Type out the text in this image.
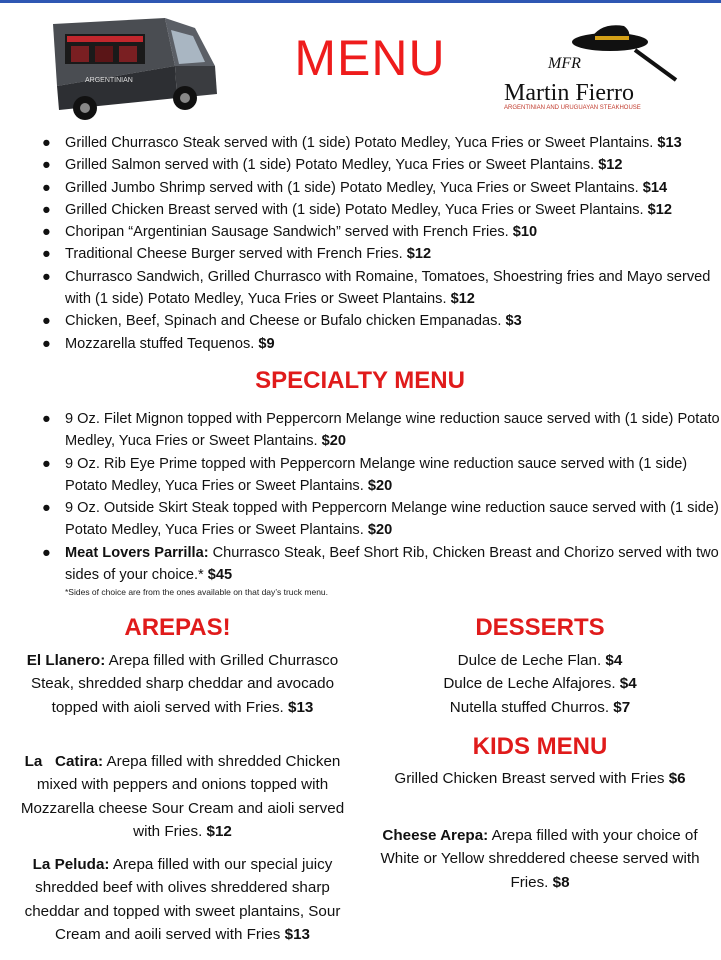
ARGENTINIAN	MENU	MFR
Martin Fierro
ARGENTINIAN AND URUGUAYAN STEAKHOUSE
● Grilled Churrasco Steak served with (1 side) Potato Medley, Yuca Fries or Sweet Plantains. $13
● Grilled Salmon served with (1 side) Potato Medley, Yuca Fries or Sweet Plantains. $12
● Grilled Jumbo Shrimp served with (1 side) Potato Medley, Yuca Fries or Sweet Plantains. $14
● Grilled Chicken Breast served with (1 side) Potato Medley, Yuca Fries or Sweet Plantains. $12
● Choripan “Argentinian Sausage Sandwich” served with French Fries. $10
● Traditional Cheese Burger served with French Fries. $12
● Churrasco Sandwich, Grilled Churrasco with Romaine, Tomatoes, Shoestring fries and Mayo served with (1 side) Potato Medley, Yuca Fries or Sweet Plantains. $12
● Chicken, Beef, Spinach and Cheese or Bufalo chicken Empanadas. $3
● Mozzarella stuffed Tequenos. $9
SPECIALTY MENU
● 9 Oz. Filet Mignon topped with Peppercorn Melange wine reduction sauce served with (1 side) Potato Medley, Yuca Fries or Sweet Plantains. $20
● 9 Oz. Rib Eye Prime topped with Peppercorn Melange wine reduction sauce served with (1 side) Potato Medley, Yuca Fries or Sweet Plantains. $20
● 9 Oz. Outside Skirt Steak topped with Peppercorn Melange wine reduction sauce served with (1 side) Potato Medley, Yuca Fries or Sweet Plantains. $20
● Meat Lovers Parrilla: Churrasco Steak, Beef Short Rib, Chicken Breast and Chorizo served with two sides of your choice.* $45
*Sides of choice are from the ones available on that day’s truck menu.
AREPAS!

El Llanero: Arepa filled with Grilled Churrasco Steak, shredded sharp cheddar and avocado topped with aioli served with Fries. $13

La   Catira: Arepa filled with shredded Chicken mixed with peppers and onions topped with Mozzarella cheese Sour Cream and aioli served with Fries. $12

La Peluda: Arepa filled with our special juicy shredded beef with olives shreddered sharp cheddar and topped with sweet plantains, Sour Cream and aoili served with Fries $13

DESSERTS

Dulce de Leche Flan. $4
Dulce de Leche Alfajores. $4
Nutella stuffed Churros. $7

KIDS MENU

Grilled Chicken Breast served with Fries $6

Cheese Arepa: Arepa filled with your choice of White or Yellow shreddered cheese served with Fries. $8
